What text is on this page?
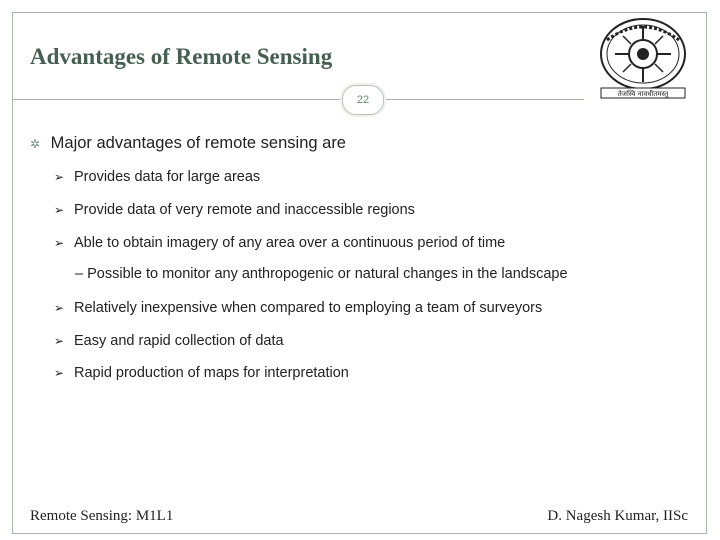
Advantages of Remote Sensing
22	तेजस्वि नावधीतमस्तु
✲ Major advantages of remote sensing are
➢ Provides data for large areas
➢ Provide data of very remote and inaccessible regions
➢ Able to obtain imagery of any area over a continuous period of time
– Possible to monitor any anthropogenic or natural changes in the landscape
➢ Relatively inexpensive when compared to employing a team of surveyors
➢ Easy and rapid collection of data
➢ Rapid production of maps for interpretation
Remote Sensing: M1L1	D. Nagesh Kumar, IISc
